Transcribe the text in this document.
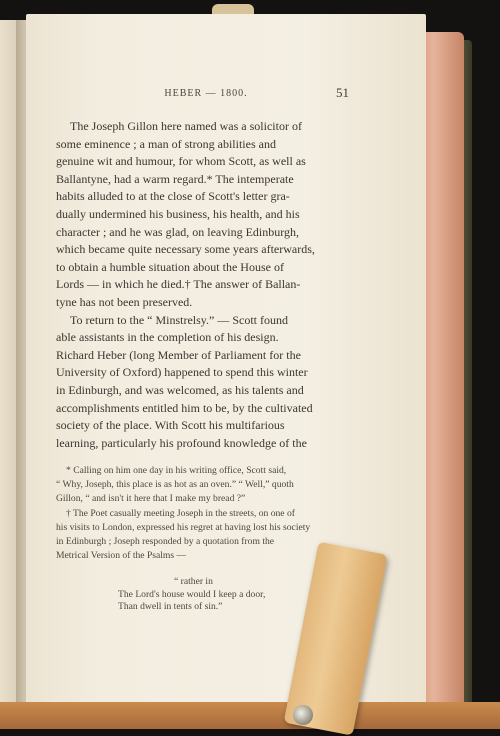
HEBER — 1800.	51
The Joseph Gillon here named was a solicitor of
some eminence ; a man of strong abilities and
genuine wit and humour, for whom Scott, as well as
Ballantyne, had a warm regard.* The intemperate
habits alluded to at the close of Scott's letter gra-
dually undermined his business, his health, and his
character ; and he was glad, on leaving Edinburgh,
which became quite necessary some years afterwards,
to obtain a humble situation about the House of
Lords — in which he died.† The answer of Ballan-
tyne has not been preserved.
To return to the “ Minstrelsy.” — Scott found
able assistants in the completion of his design.
Richard Heber (long Member of Parliament for the
University of Oxford) happened to spend this winter
in Edinburgh, and was welcomed, as his talents and
accomplishments entitled him to be, by the cultivated
society of the place. With Scott his multifarious
learning, particularly his profound knowledge of the
* Calling on him one day in his writing office, Scott said,
“ Why, Joseph, this place is as hot as an oven.” “ Well,” quoth
Gillon, “ and isn't it here that I make my bread ?”
† The Poet casually meeting Joseph in the streets, on one of
his visits to London, expressed his regret at having lost his society
in Edinburgh ; Joseph responded by a quotation from the
Metrical Version of the Psalms —
“ rather in
The Lord's house would I keep a door,
Than dwell in tents of sin.”
